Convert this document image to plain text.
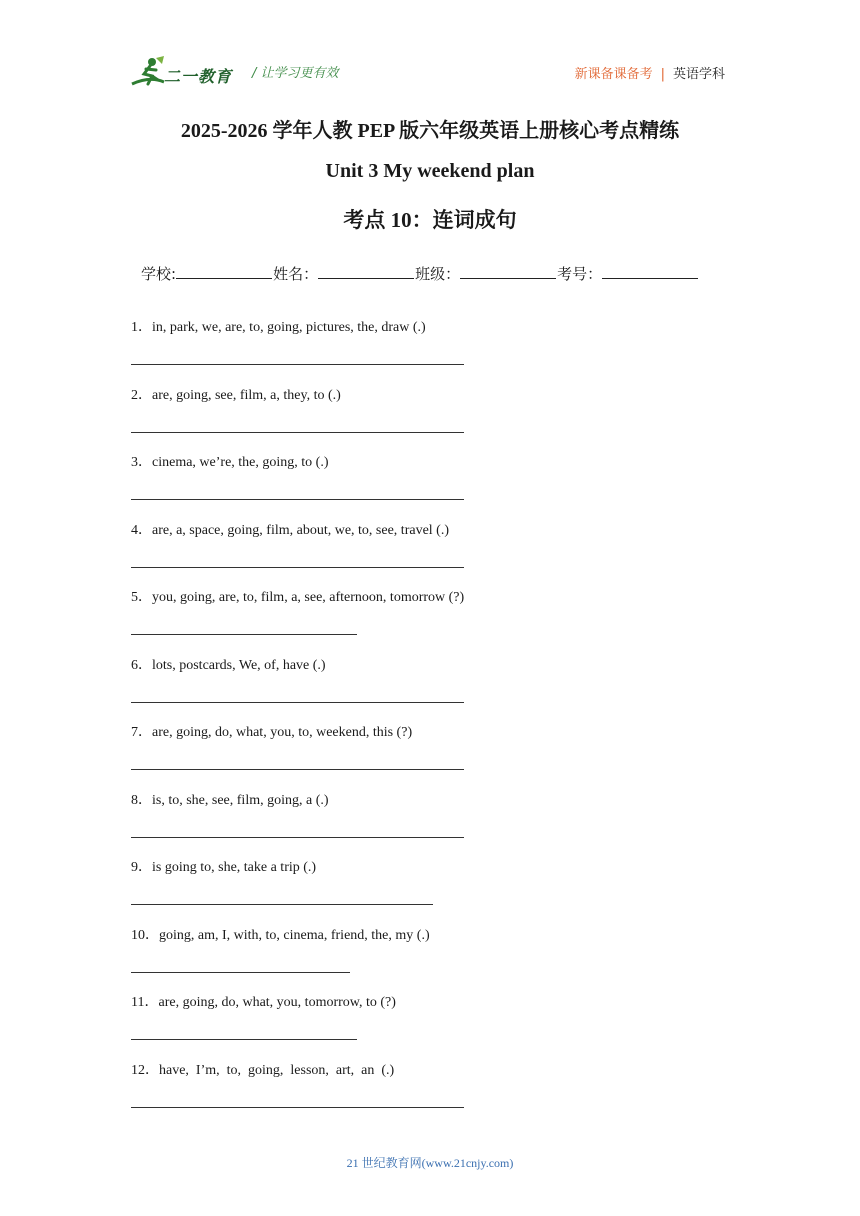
二一教育 / 让学习更有效	新课备课备考 | 英语学科
2025-2026 学年人教 PEP 版六年级英语上册核心考点精练
Unit 3 My weekend plan
考点 10：连词成句
学校:	姓名：	班级：	考号：
1．in, park, we, are, to, going, pictures, the, draw (.)
2．are, going, see, film, a, they, to (.)
3．cinema, we’re, the, going, to (.)
4．are, a, space, going, film, about, we, to, see, travel (.)
5．you, going, are, to, film, a, see, afternoon, tomorrow (?)
6．lots, postcards, We, of, have (.)
7．are, going, do, what, you, to, weekend, this (?)
8．is, to, she, see, film, going, a (.)
9．is going to, she, take a trip (.)
10．going, am, I, with, to, cinema, friend, the, my (.)
11．are, going, do, what, you, tomorrow, to (?)
12．have,  I’m,  to,  going,  lesson,  art,  an  (.)
21 世纪教育网(www.21cnjy.com)
